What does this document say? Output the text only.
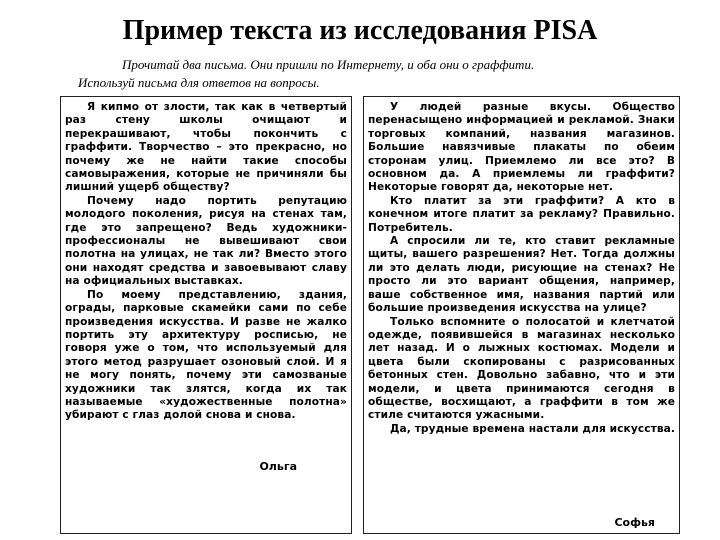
Пример текста из исследования PISA
Прочитай два письма. Они пришли по Интернету, и оба они о граффити.
Используй письма для ответов на вопросы.

Я кипмо от злости, так как в четвертый раз стену школы очищают и перекрашивают, чтобы покончить с граффити. Творчество – это прекрасно, но почему же не найти такие способы самовыражения, которые не причиняли бы лишний ущерб обществу?

Почему надо портить репутацию молодого поколения, рисуя на стенах там, где это запрещено? Ведь художники-профессионалы не вывешивают свои полотна на улицах, не так ли? Вместо этого они находят средства и завоевывают славу на официальных выставках.

По моему представлению, здания, ограды, парковые скамейки сами по себе произведения искусства. И разве не жалко портить эту архитектуру росписью, не говоря уже о том, что используемый для этого метод разрушает озоновый слой. И я не могу понять, почему эти самозваные художники так злятся, когда их так называемые «художественные полотна» убирают с глаз долой снова и снова.

Ольга

У людей разные вкусы. Общество перенасыщено информацией и рекламой. Знаки торговых компаний, названия магазинов. Большие навязчивые плакаты по обеим сторонам улиц. Приемлемо ли все это? В основном да. А приемлемы ли граффити? Некоторые говорят да, некоторые нет.

Кто платит за эти граффити? А кто в конечном итоге платит за рекламу? Правильно. Потребитель.

А спросили ли те, кто ставит рекламные щиты, вашего разрешения? Нет. Тогда должны ли это делать люди, рисующие на стенах? Не просто ли это вариант общения, например, ваше собственное имя, названия партий или большие произведения искусства на улице?

Только вспомните о полосатой и клетчатой одежде, появившейся в магазинах несколько лет назад. И о лыжных костюмах. Модели и цвета были скопированы с разрисованных бетонных стен. Довольно забавно, что и эти модели, и цвета принимаются сегодня в обществе, восхищают, а граффити в том же стиле считаются ужасными.

Да, трудные времена настали для искусства.

Софья
